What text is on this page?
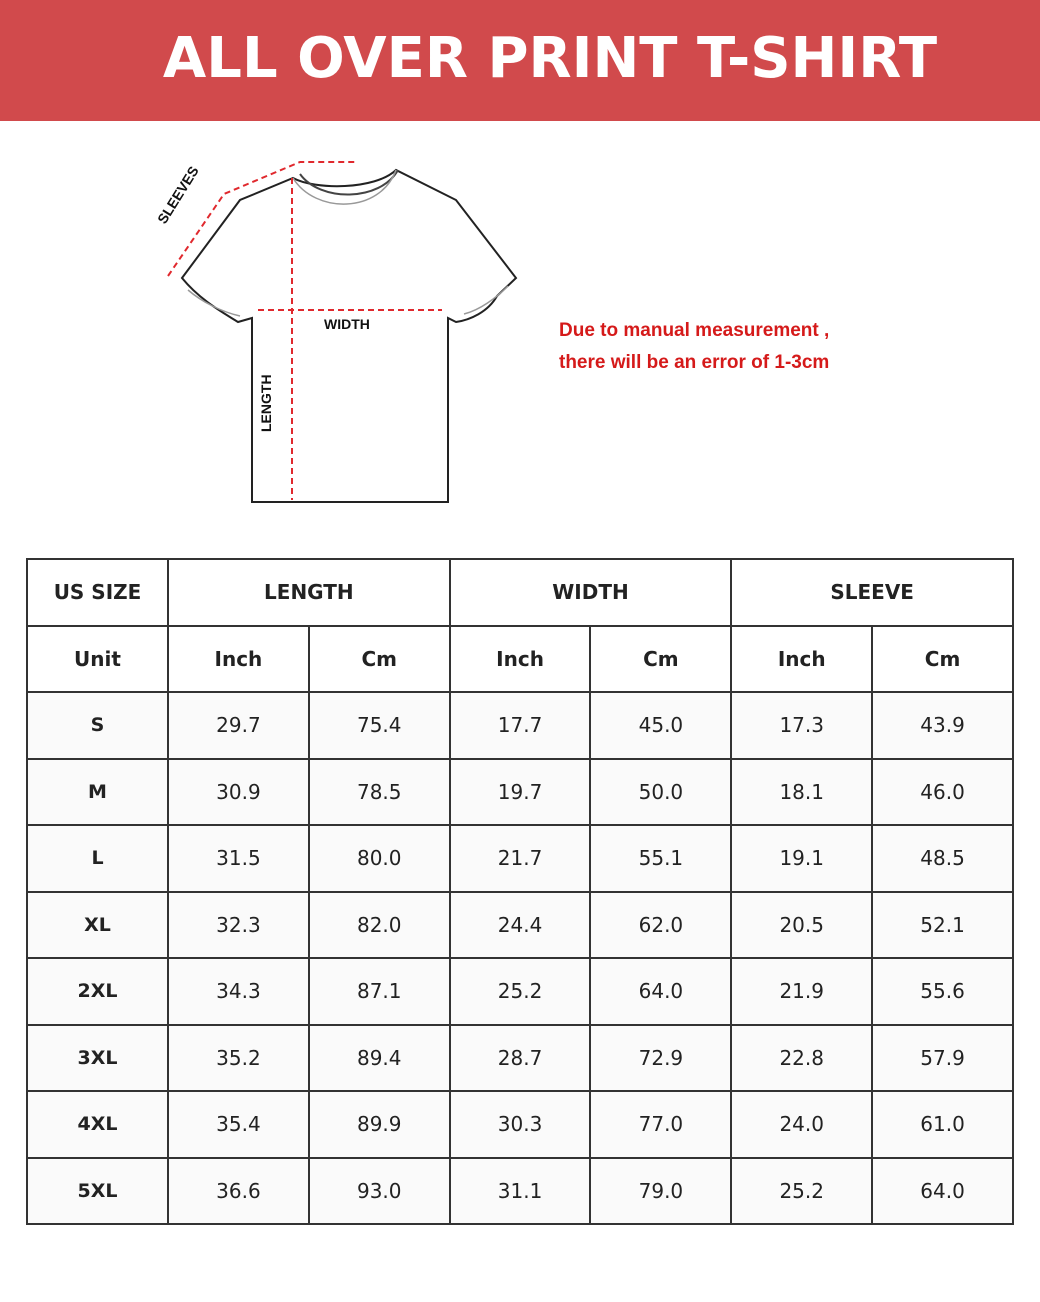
ALL OVER PRINT T-SHIRT
SLEEVES
WIDTH
LENGTH
Due to manual measurement ,
there will be an error of 1-3cm
US SIZE	LENGTH		WIDTH		SLEEVE	
Unit	Inch	Cm	Inch	Cm	Inch	Cm
S	29.7	75.4	17.7	45.0	17.3	43.9
M	30.9	78.5	19.7	50.0	18.1	46.0
L	31.5	80.0	21.7	55.1	19.1	48.5
XL	32.3	82.0	24.4	62.0	20.5	52.1
2XL	34.3	87.1	25.2	64.0	21.9	55.6
3XL	35.2	89.4	28.7	72.9	22.8	57.9
4XL	35.4	89.9	30.3	77.0	24.0	61.0
5XL	36.6	93.0	31.1	79.0	25.2	64.0
